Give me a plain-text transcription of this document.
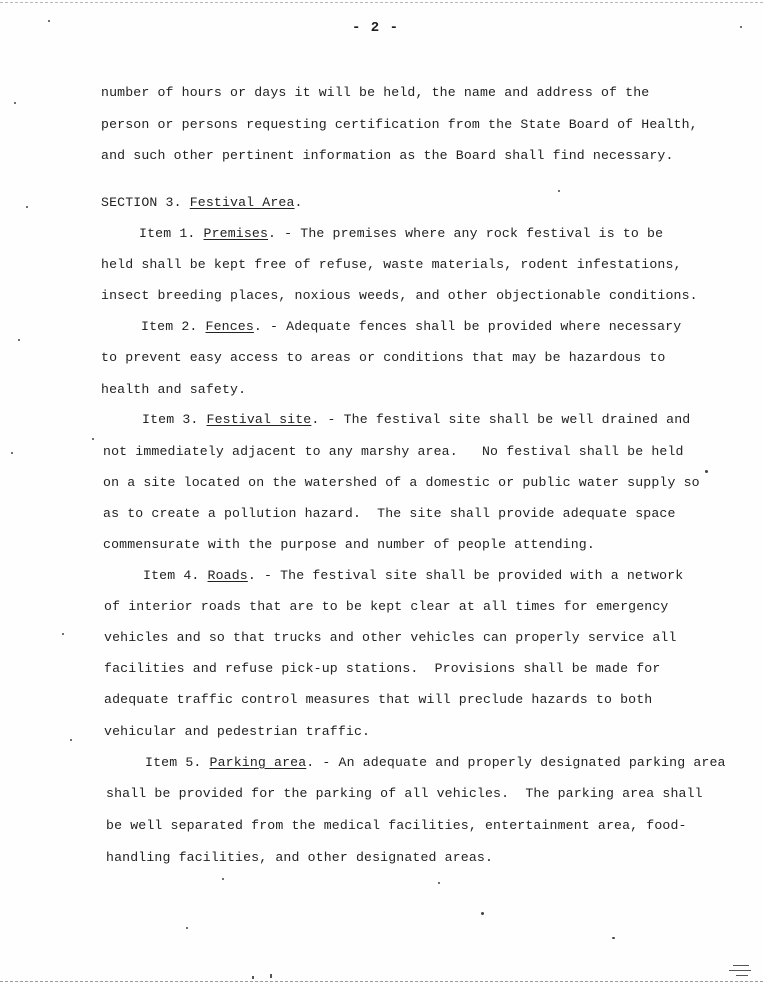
- 2 -
number of hours or days it will be held, the name and address of the
person or persons requesting certification from the State Board of Health,
and such other pertinent information as the Board shall find necessary.
SECTION 3. Festival Area.
Item 1. Premises. - The premises where any rock festival is to be
held shall be kept free of refuse, waste materials, rodent infestations,
insect breeding places, noxious weeds, and other objectionable conditions.
Item 2. Fences. - Adequate fences shall be provided where necessary
to prevent easy access to areas or conditions that may be hazardous to
health and safety.
Item 3. Festival site. - The festival site shall be well drained and
not immediately adjacent to any marshy area.   No festival shall be held
on a site located on the watershed of a domestic or public water supply so
as to create a pollution hazard.  The site shall provide adequate space
commensurate with the purpose and number of people attending.
Item 4. Roads. - The festival site shall be provided with a network
of interior roads that are to be kept clear at all times for emergency
vehicles and so that trucks and other vehicles can properly service all
facilities and refuse pick-up stations.  Provisions shall be made for
adequate traffic control measures that will preclude hazards to both
vehicular and pedestrian traffic.
Item 5. Parking area. - An adequate and properly designated parking area
shall be provided for the parking of all vehicles.  The parking area shall
be well separated from the medical facilities, entertainment area, food-
handling facilities, and other designated areas.
